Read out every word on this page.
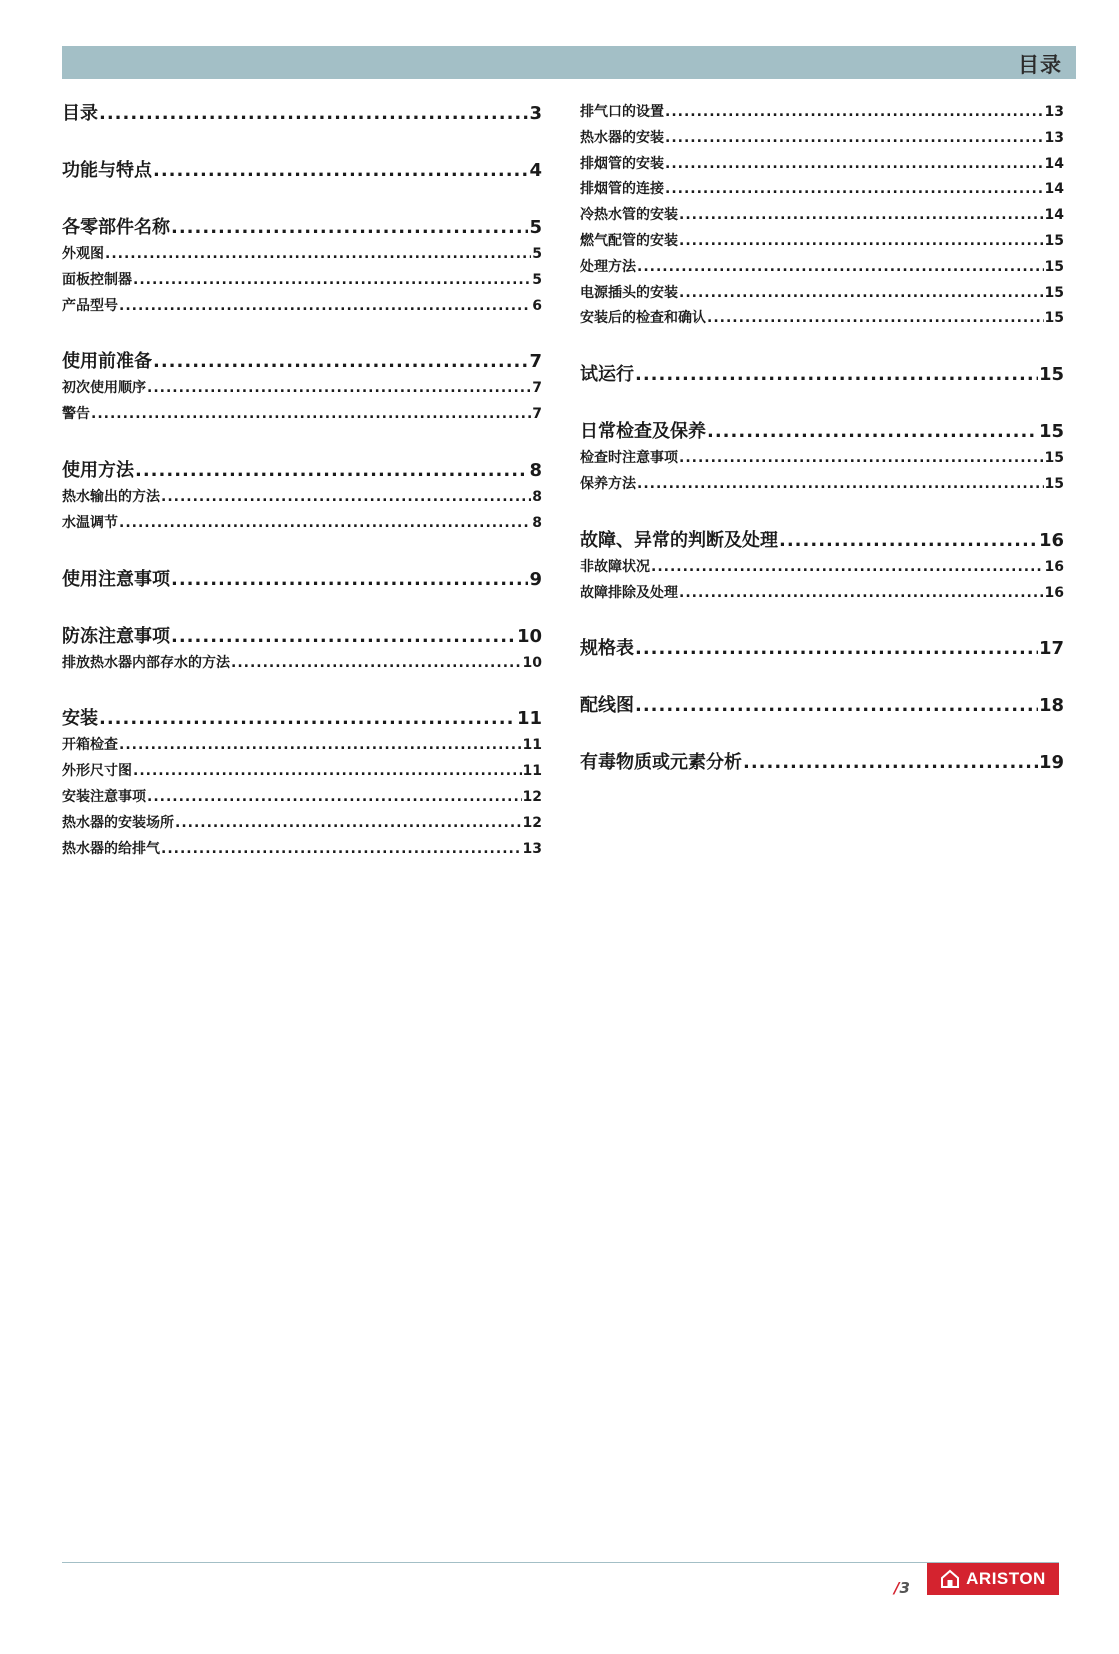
目录
目录 .....	3
功能与特点 .....	4
各零部件名称 .....	5
外观图 .....	5
面板控制器 .....	5
产品型号 .....	6
使用前准备 .....	7
初次使用顺序 .....	7
警告 .....	7
使用方法 .....	8
热水输出的方法 .....	8
水温调节 .....	8
使用注意事项 .....	9
防冻注意事项 .....	10
排放热水器内部存水的方法 .....	10
安装 .....	11
开箱检查 .....	11
外形尺寸图 .....	11
安装注意事项 .....	12
热水器的安装场所 .....	12
热水器的给排气 .....	13
排气口的设置 .....	13
热水器的安装 .....	13
排烟管的安装 .....	14
排烟管的连接 .....	14
冷热水管的安装 .....	14
燃气配管的安装 .....	15
处理方法 .....	15
电源插头的安装 .....	15
安装后的检查和确认 .....	15
试运行 .....	15
日常检查及保养 .....	15
检查时注意事项 .....	15
保养方法 .....	15
故障、异常的判断及处理 .....	16
非故障状况 .....	16
故障排除及处理 .....	16
规格表 .....	17
配线图 .....	18
有毒物质或元素分析 .....	19
/3	ARISTON
